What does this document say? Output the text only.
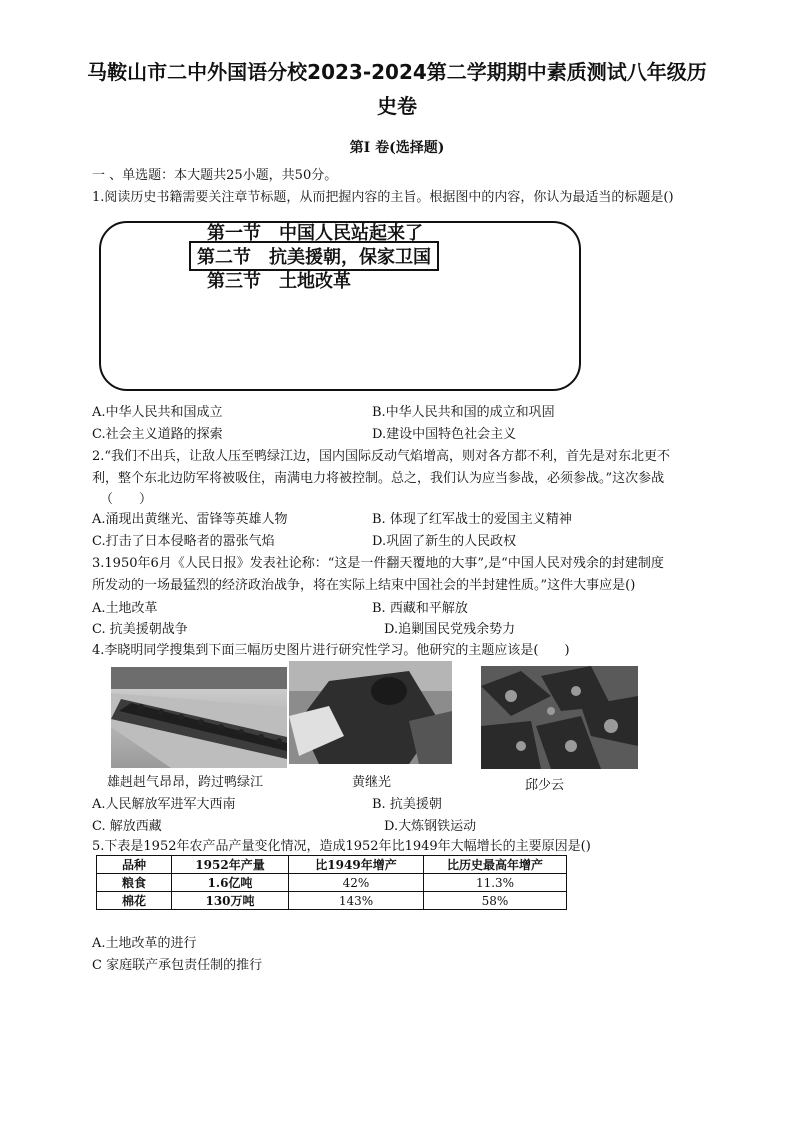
马鞍山市二中外国语分校2023-2024第二学期期中素质测试八年级历
史卷
第I 卷(选择题)
一 、单选题：本大题共25小题，共50分。
1.阅读历史书籍需要关注章节标题，从而把握内容的主旨。根据图中的内容，你认为最适当的标题是()
第一节　中国人民站起来了
第二节　抗美援朝，保家卫国
第三节　土地改革
A.中华人民共和国成立	B.中华人民共和国的成立和巩固
C.社会主义道路的探索	D.建设中国特色社会主义
2.“我们不出兵，让敌人压至鸭绿江边，国内国际反动气焰增高，则对各方都不利，首先是对东北更不
利，整个东北边防军将被吸住，南满电力将被控制。总之，我们认为应当参战，必须参战。”这次参战
（　　）
A.涌现出黄继光、雷锋等英雄人物	B. 体现了红军战士的爱国主义精神
C.打击了日本侵略者的嚣张气焰	D.巩固了新生的人民政权
3.1950年6月《人民日报》发表社论称：“这是一件翻天覆地的大事”,是“中国人民对残余的封建制度
所发动的一场最猛烈的经济政治战争，将在实际上结束中国社会的半封建性质。”这件大事应是()
A.土地改革	B. 西藏和平解放
C. 抗美援朝战争	D.追剿国民党残余势力
4.李晓明同学搜集到下面三幅历史图片进行研究性学习。他研究的主题应该是(　　)
雄赳赳气昂昂，跨过鸭绿江	黄继光	邱少云
A.人民解放军进军大西南	B. 抗美援朝
C. 解放西藏	D.大炼钢铁运动
5.下表是1952年农产品产量变化情况，造成1952年比1949年大幅增长的主要原因是()
品种	1952年产量	比1949年增产	比历史最高年增产
粮食	1.6亿吨	42%	11.3%
棉花	130万吨	143%	58%
A.土地改革的进行
C 家庭联产承包责任制的推行
